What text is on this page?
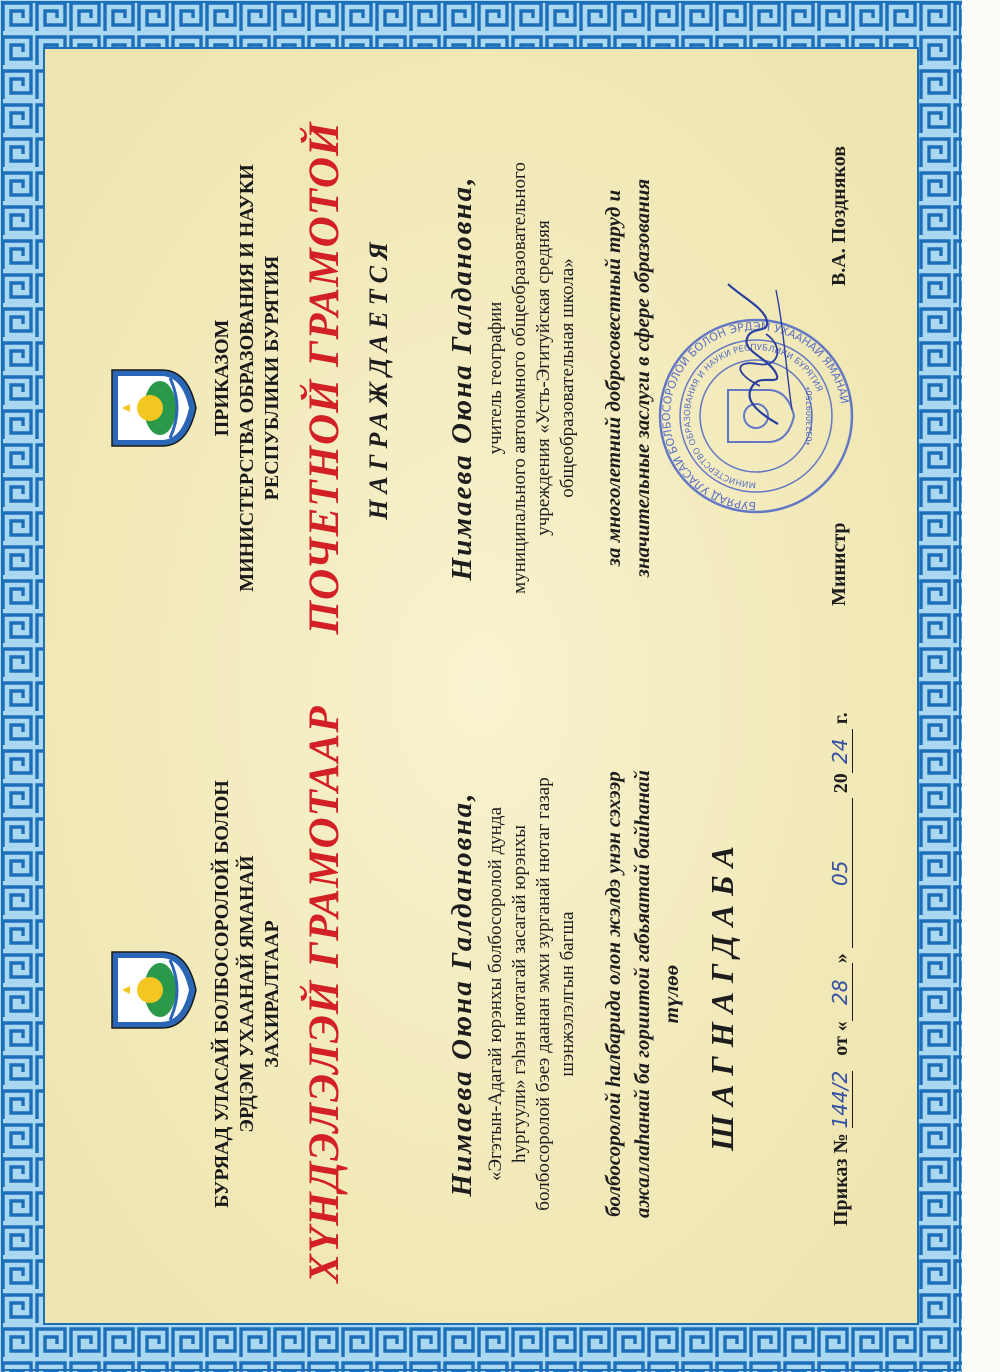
БУРЯАД УЛАСАЙ БОЛБОСОРОЛОЙ БОЛОН ЭРДЭМ УХААНАЙ ЯМАНАЙ ЗАХИРАЛТААР ХYНДЭЛЭЛЭЙ ГРАМОТААР	Нимаева Оюна Галдановна, «Эгэтын-Адагай юрэнхы болбосоролой дунда һургуули» гэһэн нютагай засагай юрэнхы болбосоролой бэеэ даанан эмхи зурганай нютаг газар шэнжэлэлгын багша болбосоролой һалбарида олон жэлдэ унэн сэхээр ажаллаһанай ба гориитой габьяатай байһанай түлөө ШАГНАГДАБА
ПРИКАЗОМ МИНИСТЕРСТВА ОБРАЗОВАНИЯ И НАУКИ РЕСПУБЛИКИ БУРЯТИЯ ПОЧЕТНОЙ ГРАМОТОЙ НАГРАЖДАЕТСЯ Нимаева Оюна Галдановна, учитель географии муниципального автономного общеобразовательного учреждения «Усть-Эгитуйская средняя общеобразовательная школа» за многолетний добросовестный труд и значительные заслуги в сфере образования
Приказ № 144/2   от «28» 05 2024 г.
Министр
В.А. Поздняков
БУРЯАД УЛАСАЙ БОЛБОСОРОЛОЙ БОЛОН ЭРДЭМ УХААНАЙ ЯМАНАЙ
МИНИСТЕРСТВО ОБРАЗОВАНИЯ И НАУКИ РЕСПУБЛИКИ БУРЯТИЯ
*0323009750*
